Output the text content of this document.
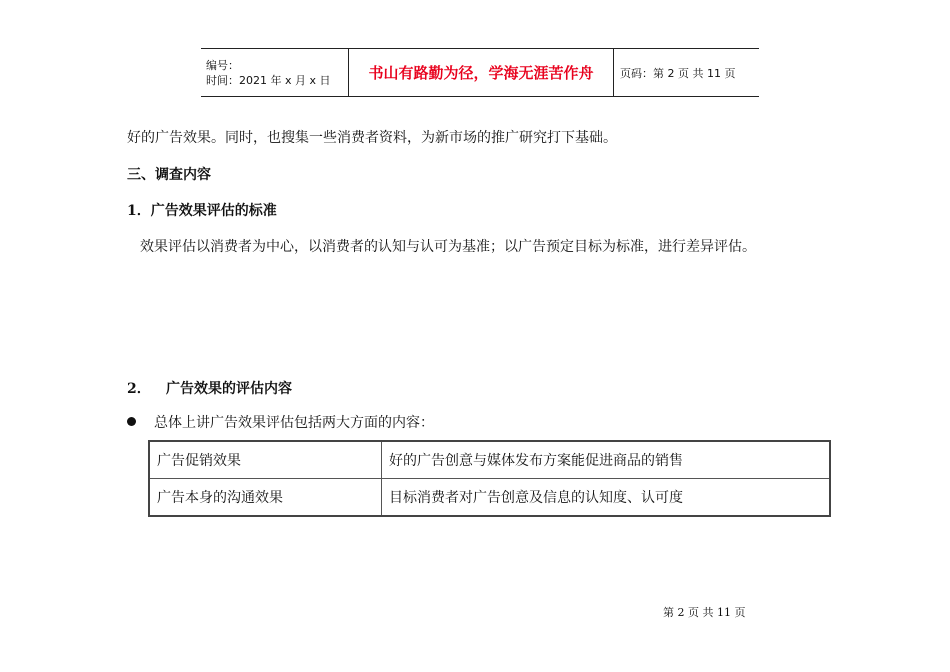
编号：
时间：2021 年 x 月 x 日	书山有路勤为径，学海无涯苦作舟	页码：第 2 页 共 11 页
好的广告效果。同时，也搜集一些消费者资料，为新市场的推广研究打下基础。
三、调查内容
1．广告效果评估的标准
效果评估以消费者为中心，以消费者的认知与认可为基准；以广告预定目标为标准，进行差异评估。
2． 广告效果的评估内容
总体上讲广告效果评估包括两大方面的内容：
广告促销效果	好的广告创意与媒体发布方案能促进商品的销售
广告本身的沟通效果	目标消费者对广告创意及信息的认知度、认可度
第 2 页 共 11 页
